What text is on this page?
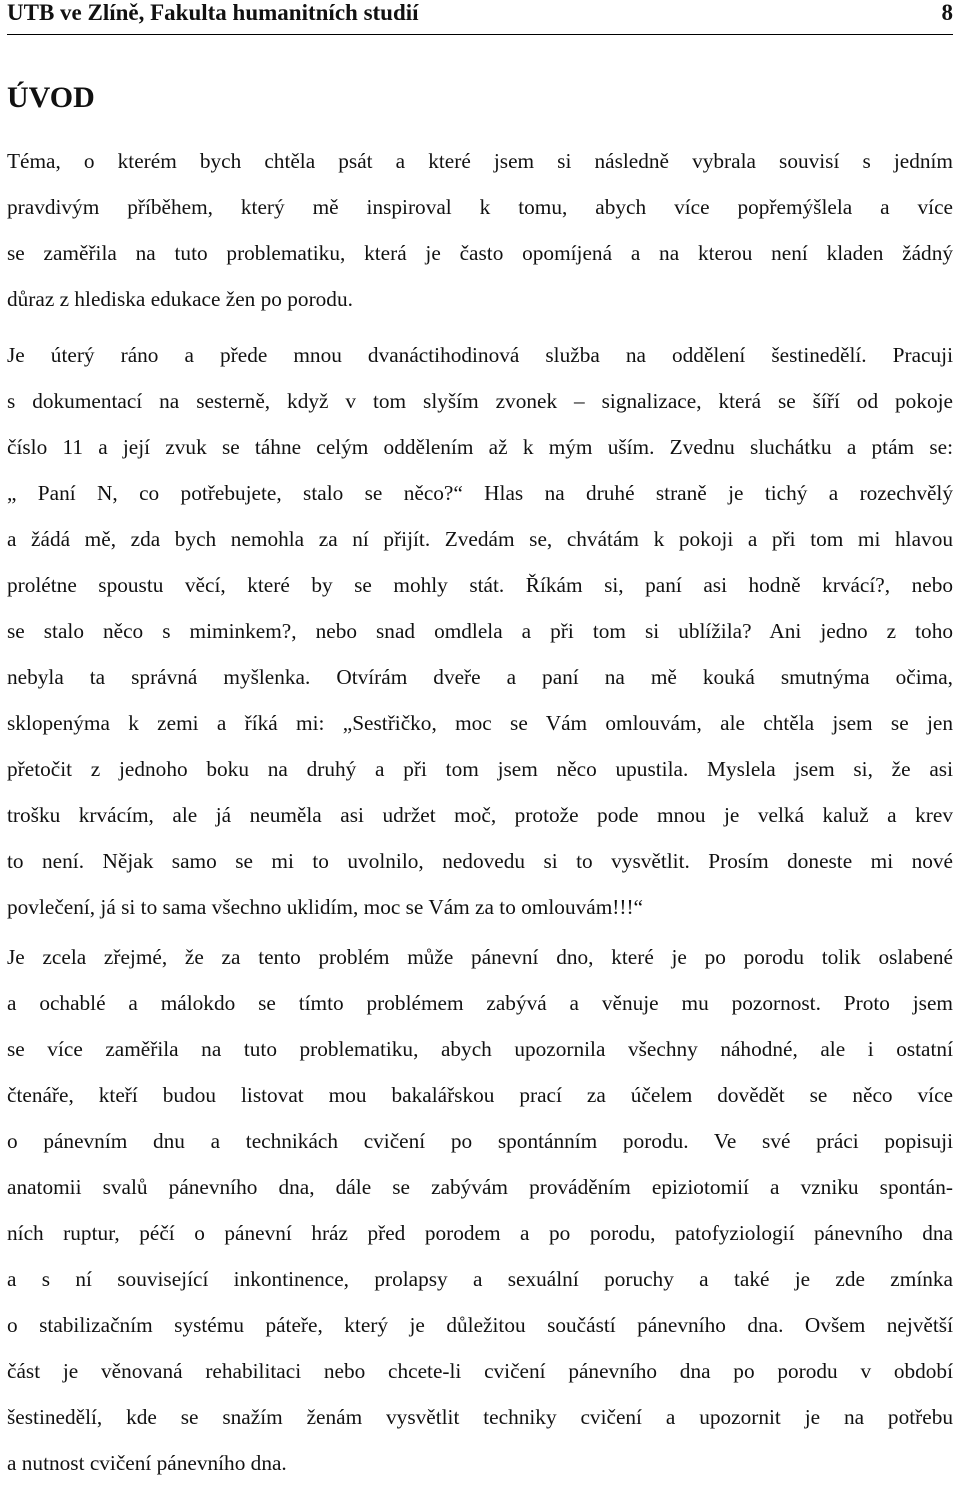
UTB ve Zlíně, Fakulta humanitních studií	8
ÚVOD
Téma, o kterém bych chtěla psát a které jsem si následně vybrala souvisí s jedním
pravdivým příběhem, který mě inspiroval k tomu, abych více popřemýšlela a více
se zaměřila na tuto problematiku, která je často opomíjená a na kterou není kladen žádný
důraz z hlediska edukace žen po porodu.
Je úterý ráno a přede mnou dvanáctihodinová služba na oddělení šestinedělí. Pracuji
s dokumentací na sesterně, když v tom slyším zvonek – signalizace, která se šíří od pokoje
číslo 11 a její zvuk se táhne celým oddělením až k mým uším. Zvednu sluchátku a ptám se:
„ Paní N, co potřebujete, stalo se něco?“ Hlas na druhé straně je tichý a rozechvělý
a žádá mě, zda bych nemohla za ní přijít. Zvedám se, chvátám k pokoji a při tom mi hlavou
prolétne spoustu věcí, které by se mohly stát. Říkám si, paní asi hodně krvácí?, nebo
se stalo něco s miminkem?, nebo snad omdlela a při tom si ublížila? Ani jedno z toho
nebyla ta správná myšlenka. Otvírám dveře a paní na mě kouká smutnýma očima,
sklopenýma k zemi a říká mi: „Sestřičko, moc se Vám omlouvám, ale chtěla jsem se jen
přetočit z jednoho boku na druhý a při tom jsem něco upustila. Myslela jsem si, že asi
trošku krvácím, ale já neuměla asi udržet moč, protože pode mnou je velká kaluž a krev
to není. Nějak samo se mi to uvolnilo, nedovedu si to vysvětlit. Prosím doneste mi nové
povlečení, já si to sama všechno uklidím, moc se Vám za to omlouvám!!!“
Je zcela zřejmé, že za tento problém může pánevní dno, které je po porodu tolik oslabené
a ochablé a málokdo se tímto problémem zabývá a věnuje mu pozornost. Proto jsem
se více zaměřila na tuto problematiku, abych upozornila všechny náhodné, ale i ostatní
čtenáře, kteří budou listovat mou bakalářskou prací za účelem dovědět se něco více
o pánevním dnu a technikách cvičení po spontánním porodu. Ve své práci popisuji
anatomii svalů pánevního dna, dále se zabývám prováděním epiziotomií a vzniku spontán-
ních ruptur, péčí o pánevní hráz před porodem a po porodu, patofyziologií pánevního dna
a s ní související inkontinence, prolapsy a sexuální poruchy a také je zde zmínka
o stabilizačním systému páteře, který je důležitou součástí pánevního dna. Ovšem největší
část je věnovaná rehabilitaci nebo chcete-li cvičení pánevního dna po porodu v období
šestinedělí, kde se snažím ženám vysvětlit techniky cvičení a upozornit je na potřebu
a nutnost cvičení pánevního dna.
